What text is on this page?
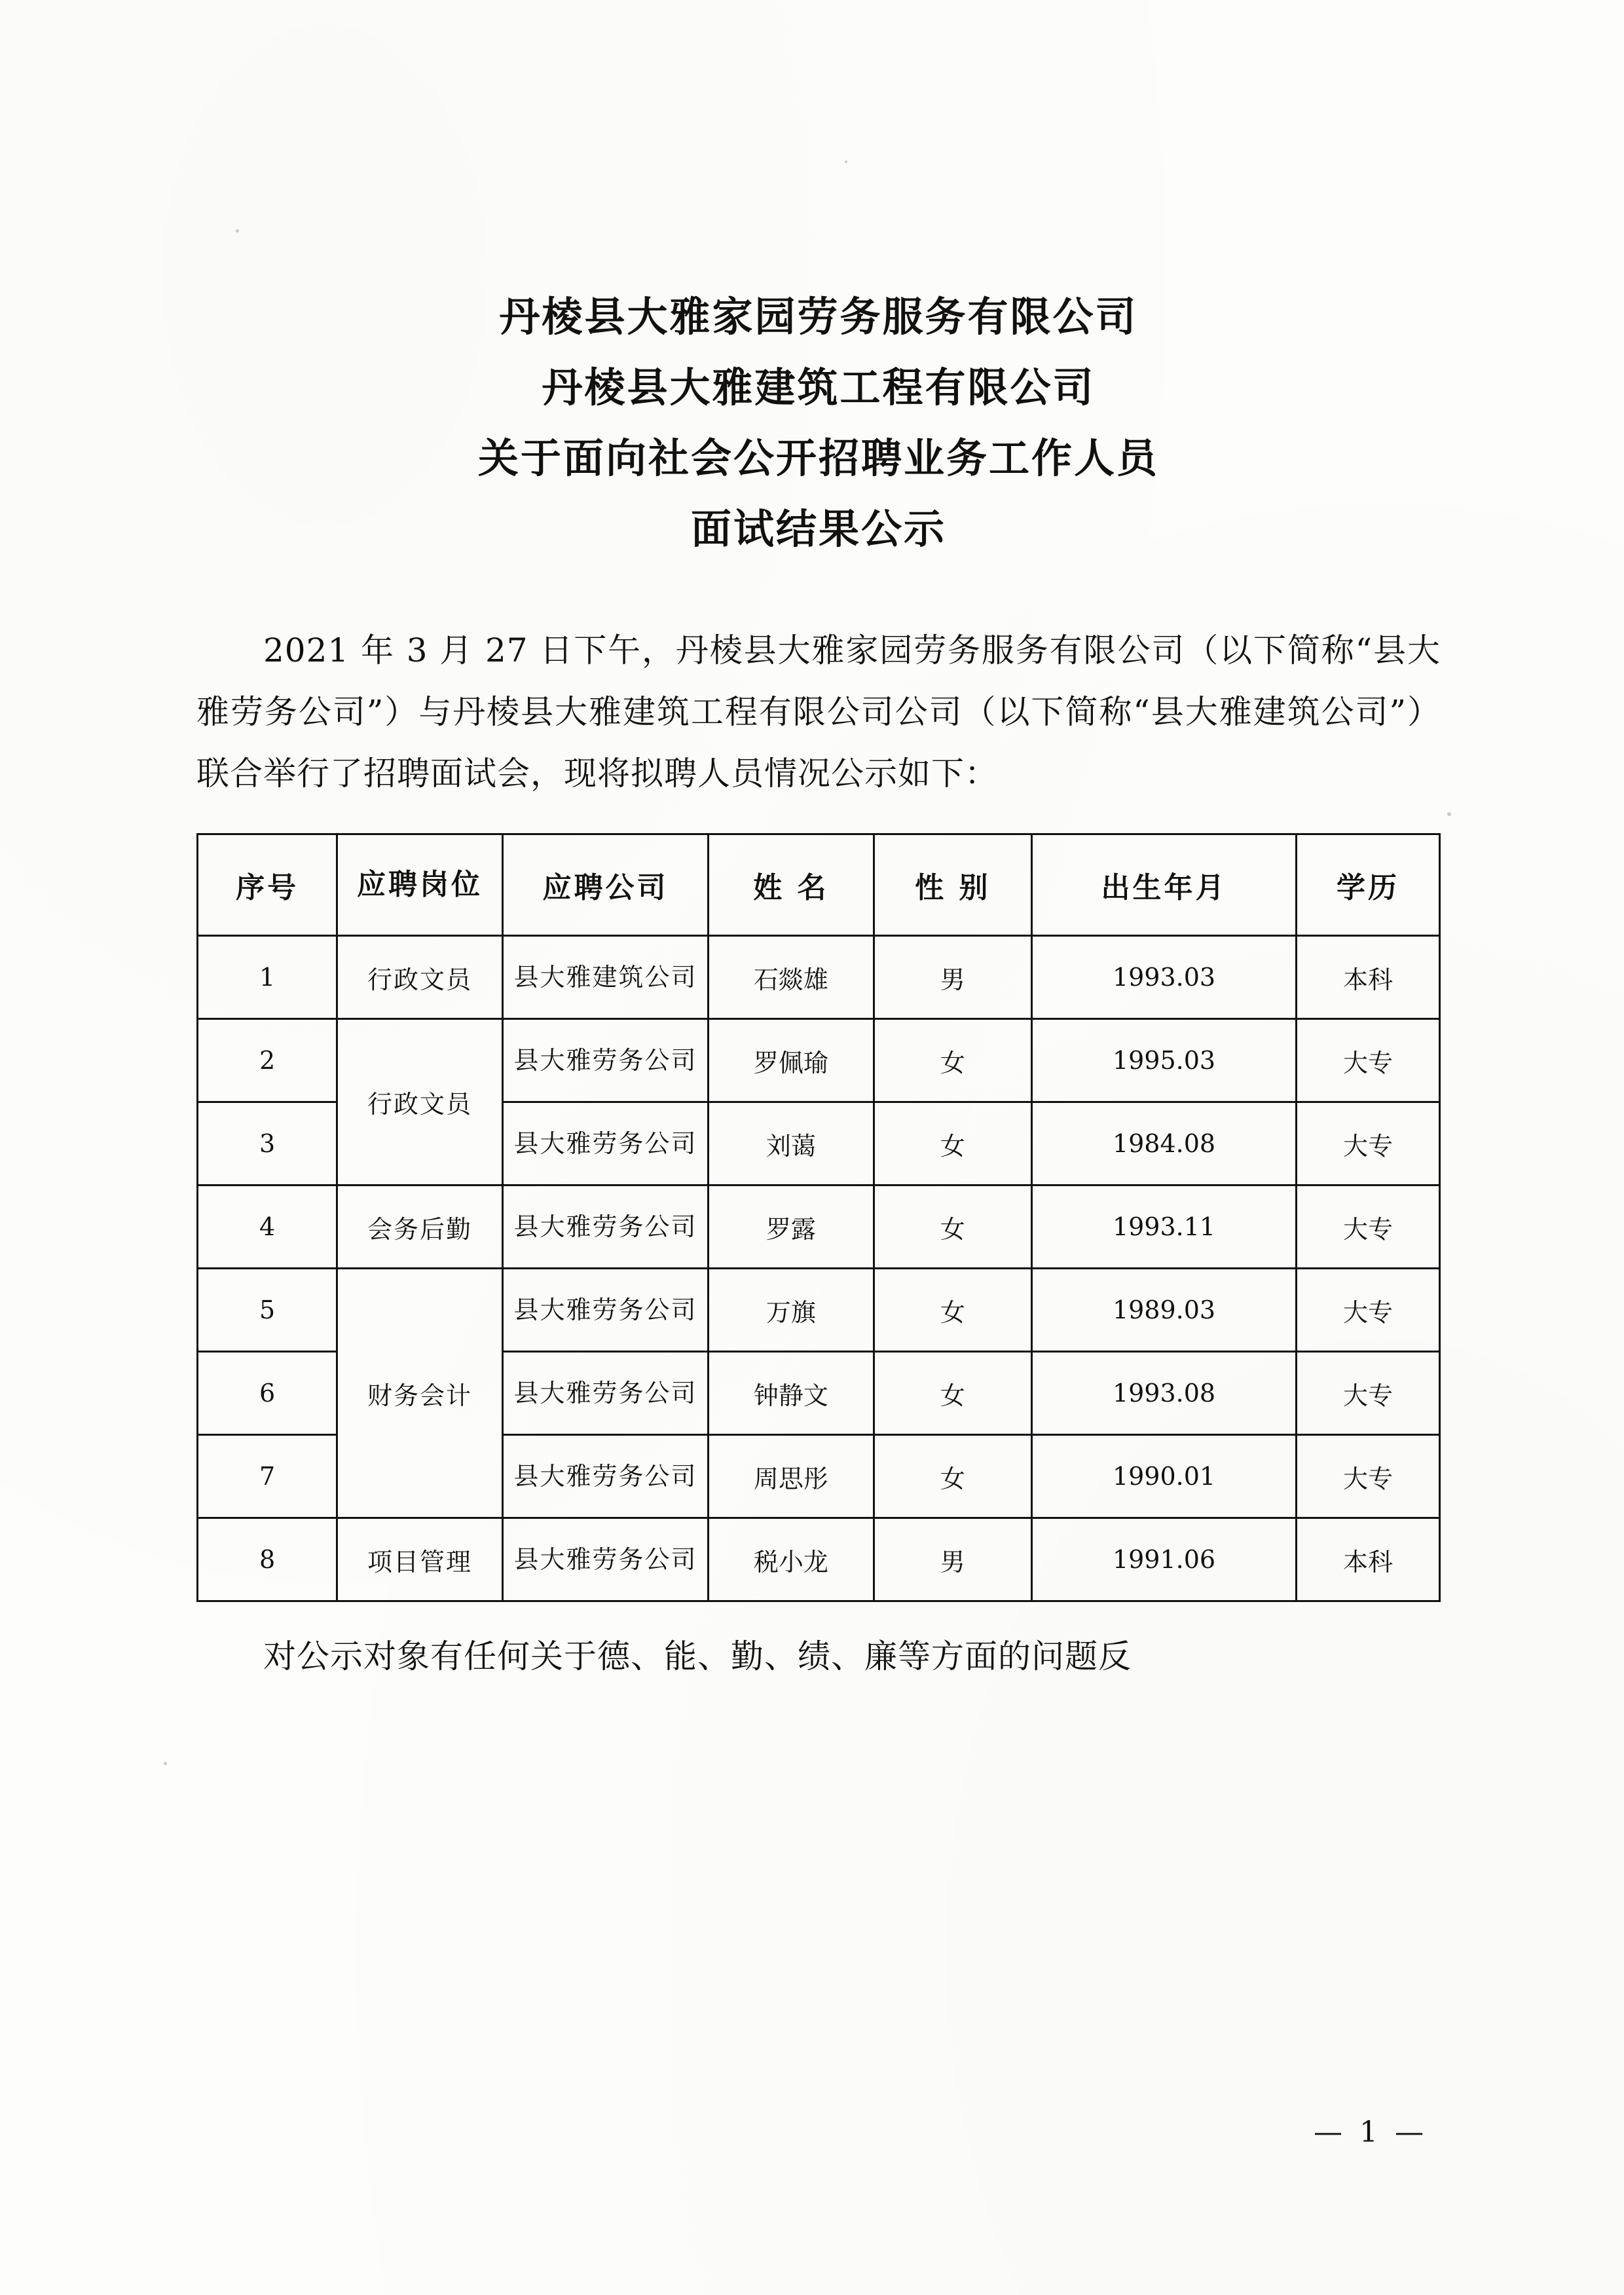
丹棱县大雅家园劳务服务有限公司
丹棱县大雅建筑工程有限公司
关于面向社会公开招聘业务工作人员
面试结果公示

2021 年 3 月 27 日下午，丹棱县大雅家园劳务服务有限公司（以下简称“县大雅劳务公司”）与丹棱县大雅建筑工程有限公司公司（以下简称“县大雅建筑公司”）联合举行了招聘面试会，现将拟聘人员情况公示如下：

序号	应聘岗位	应聘公司	姓 名	性 别	出生年月	学历
1	行政文员	县大雅建筑公司	石燚雄	男	1993.03	本科
2	行政文员	县大雅劳务公司	罗佩瑜	女	1995.03	大专
3		县大雅劳务公司	刘蔼	女	1984.08	大专
4	会务后勤	县大雅劳务公司	罗露	女	1993.11	大专
5	财务会计	县大雅劳务公司	万旗	女	1989.03	大专
6		县大雅劳务公司	钟静文	女	1993.08	大专
7		县大雅劳务公司	周思彤	女	1990.01	大专
8	项目管理	县大雅劳务公司	税小龙	男	1991.06	本科
对公示对象有任何关于德、能、勤、绩、廉等方面的问题反
— 1 —
